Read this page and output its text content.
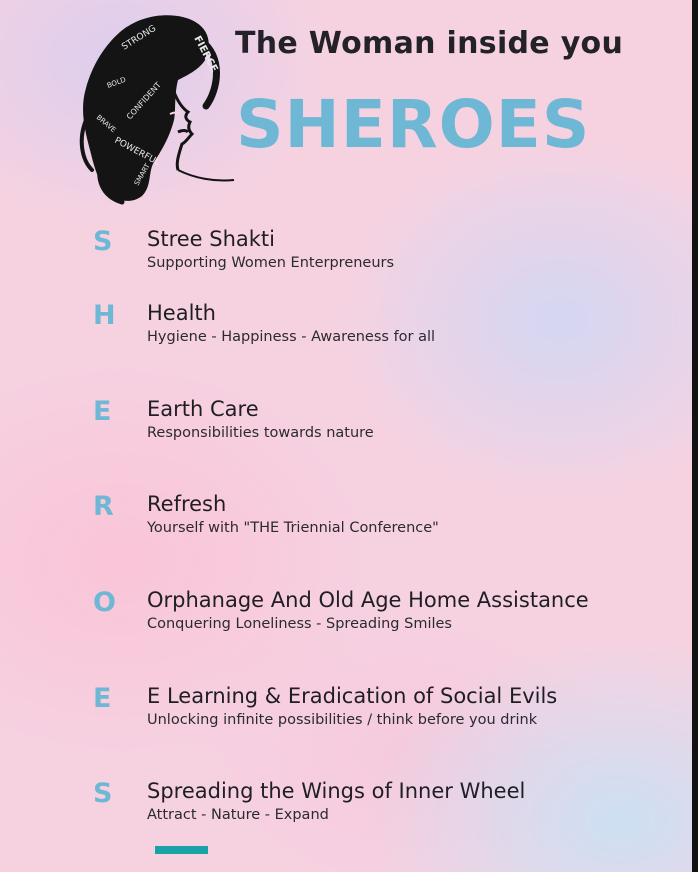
STRONG	FIERCE
CONFIDENT
POWERFUL
BRAVE
BOLD
SMART
The Woman inside you
SHEROES
S Stree Shakti

Supporting Women Enterpreneurs

H Health

Hygiene - Happiness - Awareness for all

E Earth Care

Responsibilities towards nature

R Refresh

Yourself with "THE Triennial Conference"

O Orphanage And Old Age Home Assistance

Conquering Loneliness - Spreading Smiles

E E Learning & Eradication of Social Evils

Unlocking infinite possibilities / think before you drink

S Spreading the Wings of Inner Wheel

Attract - Nature - Expand
